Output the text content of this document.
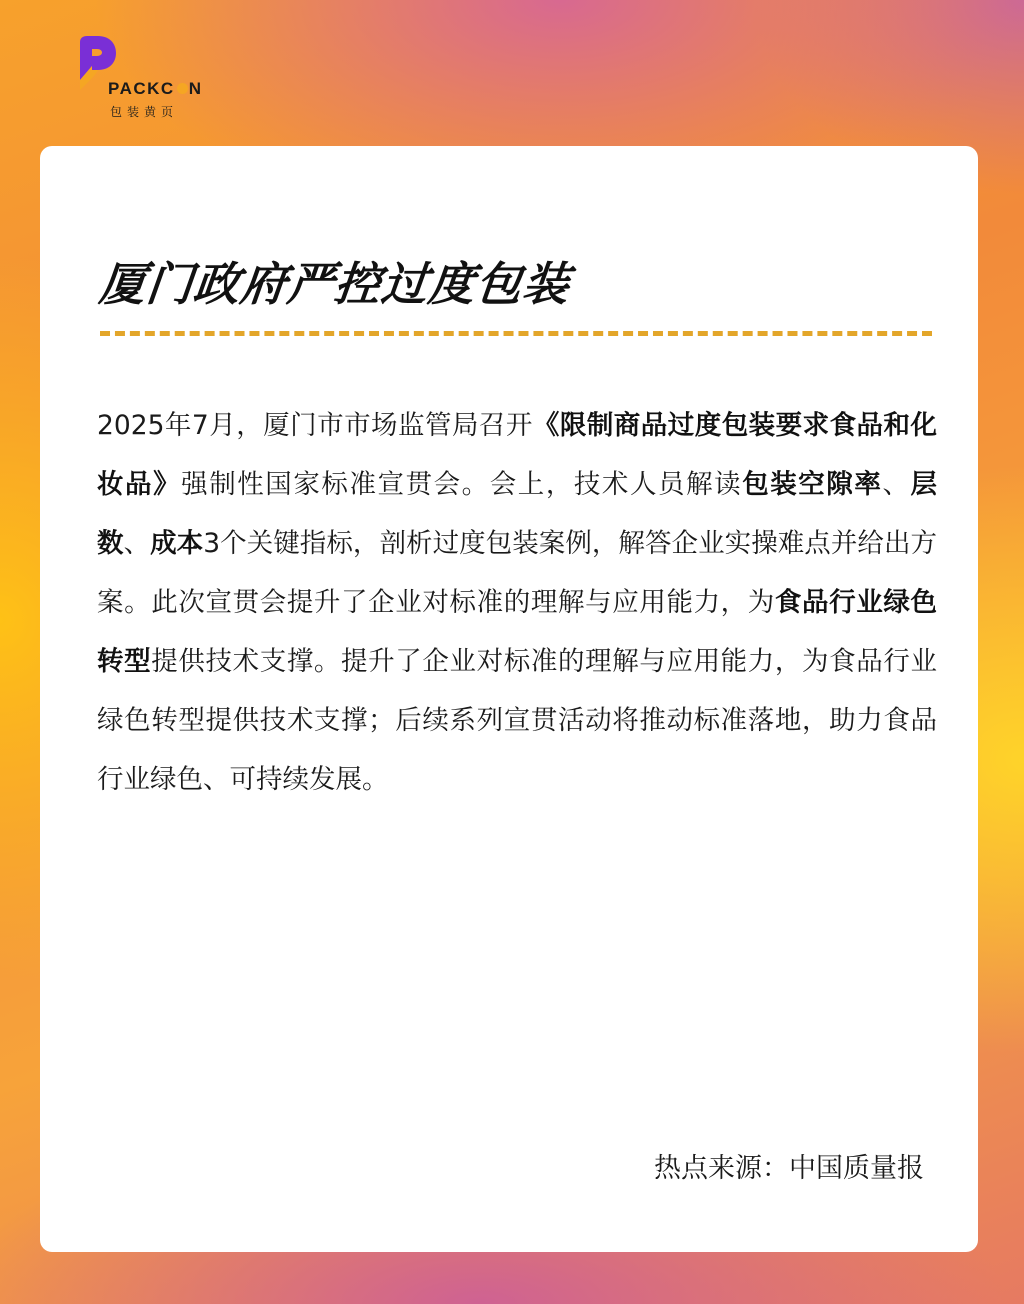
PACKC N
包装黄页
厦门政府严控过度包装

2025年7月，厦门市市场监管局召开《限制商品过度包装要求食品和化妆品》强制性国家标准宣贯会。会上，技术人员解读包装空隙率、层数、成本3个关键指标，剖析过度包装案例，解答企业实操难点并给出方案。此次宣贯会提升了企业对标准的理解与应用能力，为食品行业绿色转型提供技术支撑。提升了企业对标准的理解与应用能力，为食品行业绿色转型提供技术支撑；后续系列宣贯活动将推动标准落地，助力食品行业绿色、可持续发展。

热点来源：中国质量报
